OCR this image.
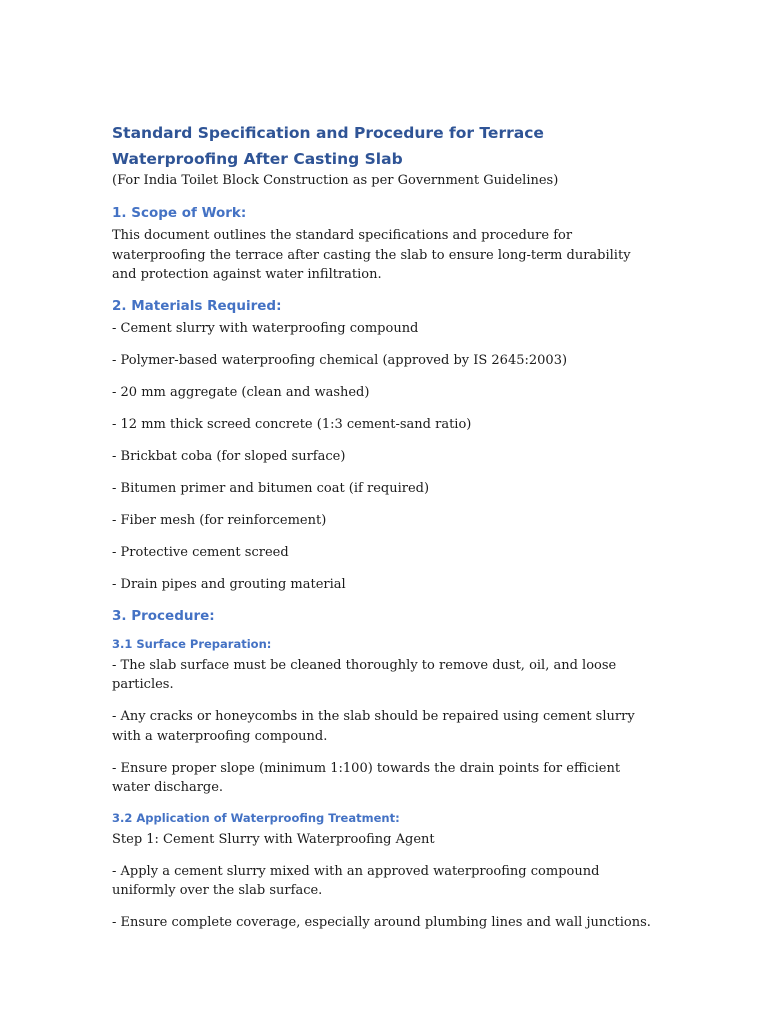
Standard Specification and Procedure for Terrace Waterproofing After Casting Slab

(For India Toilet Block Construction as per Government Guidelines)

1. Scope of Work:

This document outlines the standard specifications and procedure for waterproofing the terrace after casting the slab to ensure long-term durability and protection against water infiltration.

2. Materials Required:

- Cement slurry with waterproofing compound

- Polymer-based waterproofing chemical (approved by IS 2645:2003)

- 20 mm aggregate (clean and washed)

- 12 mm thick screed concrete (1:3 cement-sand ratio)

- Brickbat coba (for sloped surface)

- Bitumen primer and bitumen coat (if required)

- Fiber mesh (for reinforcement)

- Protective cement screed

- Drain pipes and grouting material

3. Procedure:
3.1 Surface Preparation:

- The slab surface must be cleaned thoroughly to remove dust, oil, and loose particles.

- Any cracks or honeycombs in the slab should be repaired using cement slurry with a waterproofing compound.

- Ensure proper slope (minimum 1:100) towards the drain points for efficient water discharge.

3.2 Application of Waterproofing Treatment:

Step 1: Cement Slurry with Waterproofing Agent

- Apply a cement slurry mixed with an approved waterproofing compound uniformly over the slab surface.

- Ensure complete coverage, especially around plumbing lines and wall junctions.
